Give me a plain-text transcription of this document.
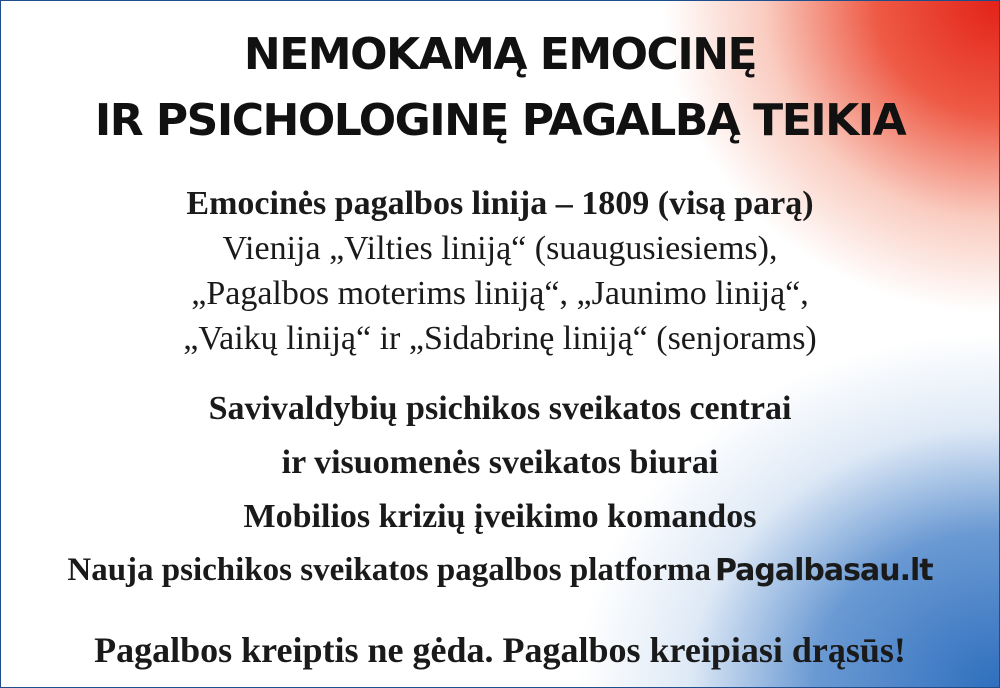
NEMOKAMĄ EMOCINĘ
IR PSICHOLOGINĘ PAGALBĄ TEIKIA
Emocinės pagalbos linija – 1809 (visą parą)
Vienija „Vilties liniją“ (suaugusiesiems),
„Pagalbos moterims liniją“, „Jaunimo liniją“,
„Vaikų liniją“ ir „Sidabrinę liniją“ (senjorams)
Savivaldybių psichikos sveikatos centrai
ir visuomenės sveikatos biurai
Mobilios krizių įveikimo komandos
Nauja psichikos sveikatos pagalbos platforma Pagalbasau.lt
Pagalbos kreiptis ne gėda. Pagalbos kreipiasi drąsūs!
